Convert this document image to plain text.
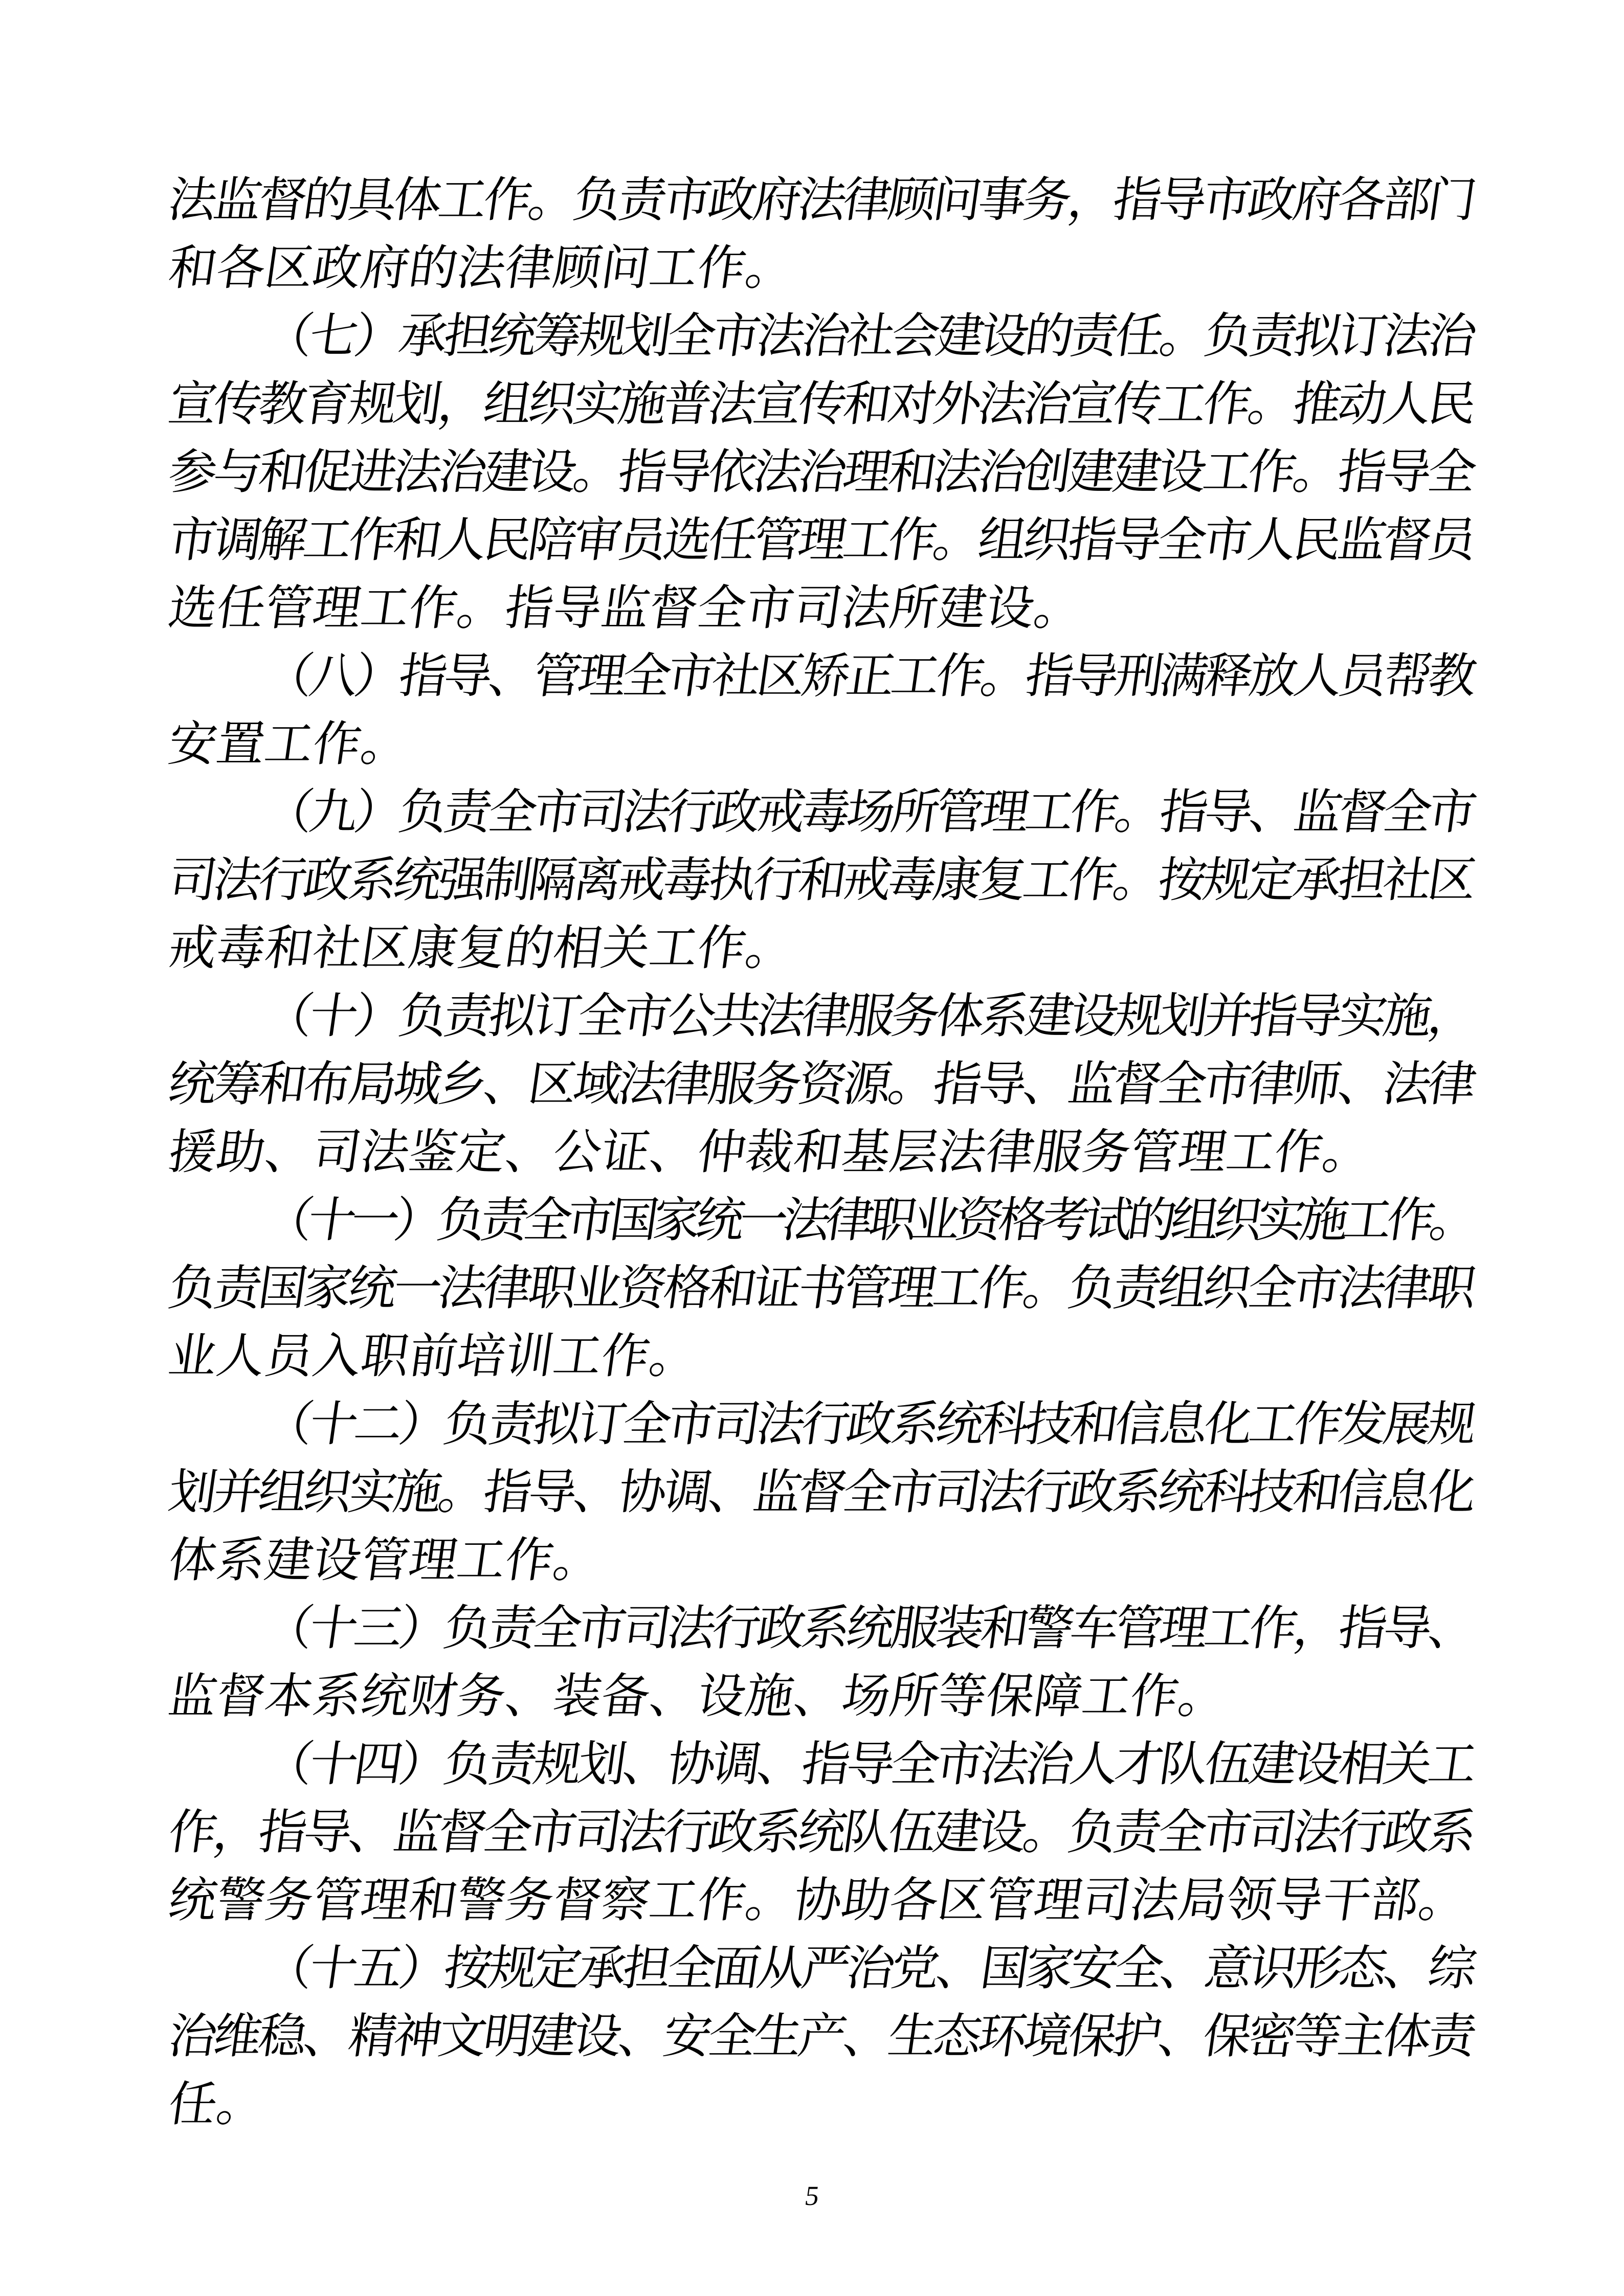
法监督的具体工作。负责市政府法律顾问事务，指导市政府各部门
和各区政府的法律顾问工作。
（七）承担统筹规划全市法治社会建设的责任。负责拟订法治
宣传教育规划，组织实施普法宣传和对外法治宣传工作。推动人民
参与和促进法治建设。指导依法治理和法治创建建设工作。指导全
市调解工作和人民陪审员选任管理工作。组织指导全市人民监督员
选任管理工作。指导监督全市司法所建设。
（八）指导、管理全市社区矫正工作。指导刑满释放人员帮教
安置工作。
（九）负责全市司法行政戒毒场所管理工作。指导、监督全市
司法行政系统强制隔离戒毒执行和戒毒康复工作。按规定承担社区
戒毒和社区康复的相关工作。
（十）负责拟订全市公共法律服务体系建设规划并指导实施，
统筹和布局城乡、区域法律服务资源。指导、监督全市律师、法律
援助、司法鉴定、公证、仲裁和基层法律服务管理工作。
（十一）负责全市国家统一法律职业资格考试的组织实施工作。
负责国家统一法律职业资格和证书管理工作。负责组织全市法律职
业人员入职前培训工作。
（十二）负责拟订全市司法行政系统科技和信息化工作发展规
划并组织实施。指导、协调、监督全市司法行政系统科技和信息化
体系建设管理工作。
（十三）负责全市司法行政系统服装和警车管理工作，指导、
监督本系统财务、装备、设施、场所等保障工作。
（十四）负责规划、协调、指导全市法治人才队伍建设相关工
作，指导、监督全市司法行政系统队伍建设。负责全市司法行政系
统警务管理和警务督察工作。协助各区管理司法局领导干部。
（十五）按规定承担全面从严治党、国家安全、意识形态、综
治维稳、精神文明建设、安全生产、生态环境保护、保密等主体责
任。
5
